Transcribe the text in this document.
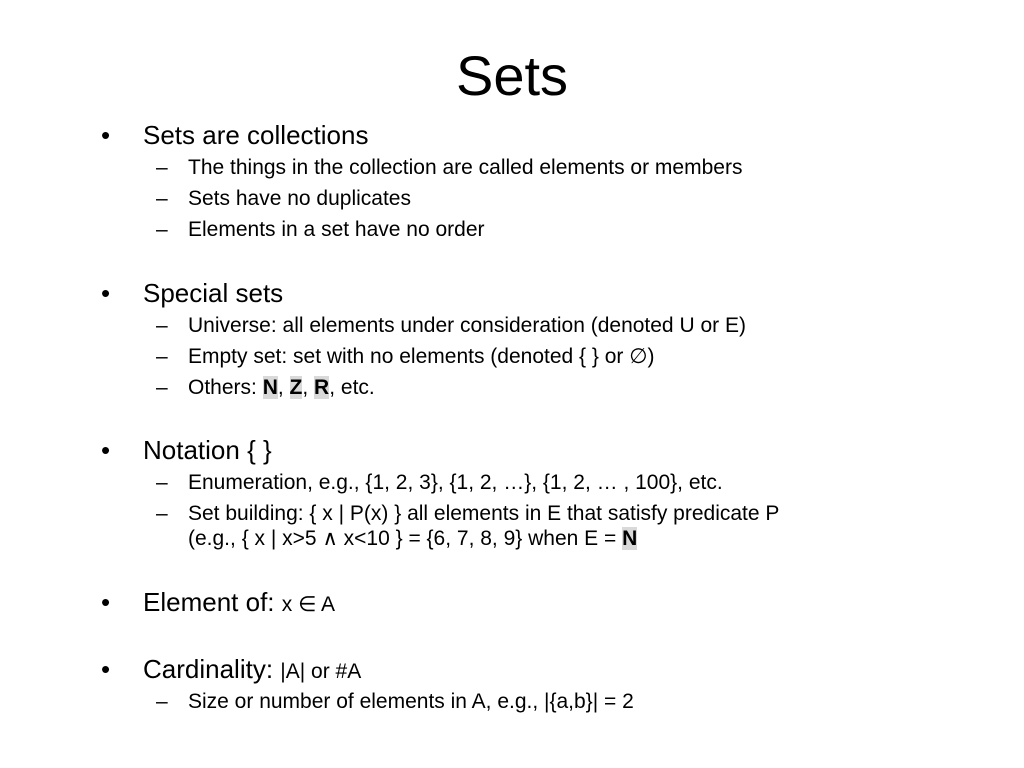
Sets
•	Sets are collections
– The things in the collection are called elements or members
– Sets have no duplicates
– Elements in a set have no order
•	Special sets
– Universe: all elements under consideration (denoted U or E)
– Empty set: set with no elements (denoted { } or ∅)
– Others: N, Z, R, etc.
•	Notation { }
– Enumeration, e.g., {1, 2, 3}, {1, 2, …}, {1, 2, … , 100}, etc.
– Set building: { x | P(x) } all elements in E that satisfy predicate P
(e.g., { x | x>5 ∧ x<10 } = {6, 7, 8, 9} when E = N
•	Element of: x ∈ A
•	Cardinality: |A| or #A
– Size or number of elements in A, e.g., |{a,b}| = 2
